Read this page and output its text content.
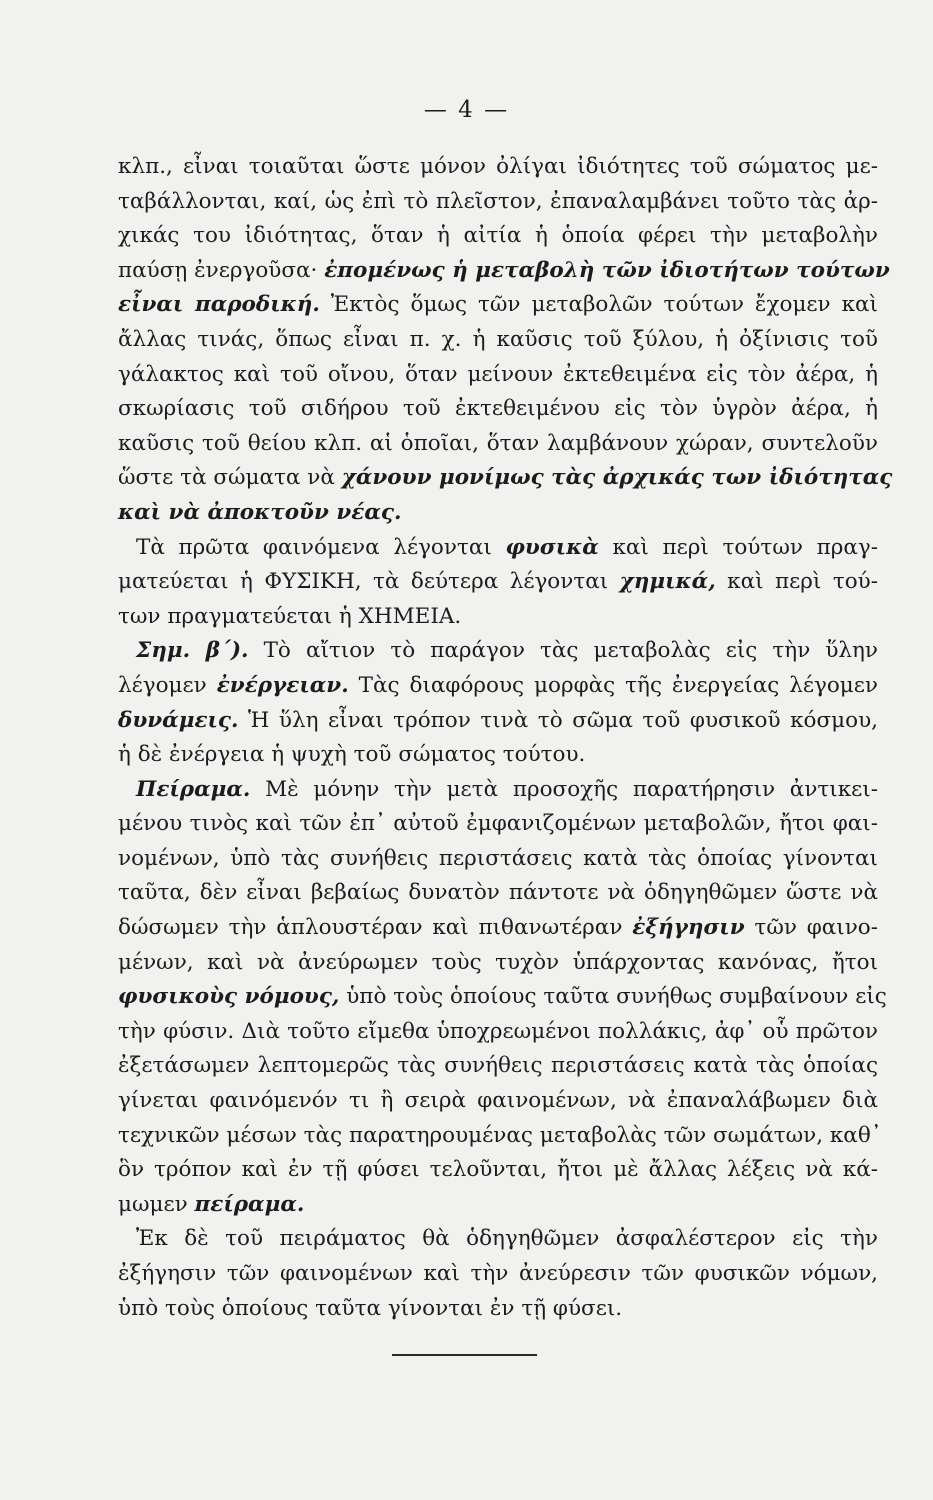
— 4 —
κλπ., εἶναι τοιαῦται ὥστε μόνον ὀλίγαι ἰδιότητες τοῦ σώματος με-
ταβάλλονται, καί, ὡς ἐπὶ τὸ πλεῖστον, ἐπαναλαμβάνει τοῦτο τὰς ἀρ-
χικάς του ἰδιότητας, ὅταν ἡ αἰτία ἡ ὁποία φέρει τὴν μεταβολὴν
παύσῃ ἐνεργοῦσα· ἐπομένως ἡ μεταβολὴ τῶν ἰδιοτήτων τούτων
εἶναι παροδική. Ἐκτὸς ὅμως τῶν μεταβολῶν τούτων ἔχομεν καὶ
ἄλλας τινάς, ὅπως εἶναι π. χ. ἡ καῦσις τοῦ ξύλου, ἡ ὀξίνισις τοῦ
γάλακτος καὶ τοῦ οἴνου, ὅταν μείνουν ἐκτεθειμένα εἰς τὸν ἀέρα, ἡ
σκωρίασις τοῦ σιδήρου τοῦ ἐκτεθειμένου εἰς τὸν ὑγρὸν ἀέρα, ἡ
καῦσις τοῦ θείου κλπ. αἱ ὁποῖαι, ὅταν λαμβάνουν χώραν, συντελοῦν
ὥστε τὰ σώματα νὰ χάνουν μονίμως τὰς ἀρχικάς των ἰδιότητας
καὶ νὰ ἀποκτοῦν νέας.
Τὰ πρῶτα φαινόμενα λέγονται φυσικὰ καὶ περὶ τούτων πραγ-
ματεύεται ἡ ΦΥΣΙΚΗ, τὰ δεύτερα λέγονται χημικά, καὶ περὶ τού-
των πραγματεύεται ἡ ΧΗΜΕΙΑ.
Σημ. β΄). Τὸ αἴτιον τὸ παράγον τὰς μεταβολὰς εἰς τὴν ὕλην
λέγομεν ἐνέργειαν. Τὰς διαφόρους μορφὰς τῆς ἐνεργείας λέγομεν
δυνάμεις. Ἡ ὕλη εἶναι τρόπον τινὰ τὸ σῶμα τοῦ φυσικοῦ κόσμου,
ἡ δὲ ἐνέργεια ἡ ψυχὴ τοῦ σώματος τούτου.
Πείραμα. Μὲ μόνην τὴν μετὰ προσοχῆς παρατήρησιν ἀντικει-
μένου τινὸς καὶ τῶν ἐπ᾽ αὐτοῦ ἐμφανιζομένων μεταβολῶν, ἤτοι φαι-
νομένων, ὑπὸ τὰς συνήθεις περιστάσεις κατὰ τὰς ὁποίας γίνονται
ταῦτα, δὲν εἶναι βεβαίως δυνατὸν πάντοτε νὰ ὁδηγηθῶμεν ὥστε νὰ
δώσωμεν τὴν ἁπλουστέραν καὶ πιθανωτέραν ἐξήγησιν τῶν φαινο-
μένων, καὶ νὰ ἀνεύρωμεν τοὺς τυχὸν ὑπάρχοντας κανόνας, ἤτοι
φυσικοὺς νόμους, ὑπὸ τοὺς ὁποίους ταῦτα συνήθως συμβαίνουν εἰς
τὴν φύσιν. Διὰ τοῦτο εἴμεθα ὑποχρεωμένοι πολλάκις, ἀφ᾽ οὗ πρῶτον
ἐξετάσωμεν λεπτομερῶς τὰς συνήθεις περιστάσεις κατὰ τὰς ὁποίας
γίνεται φαινόμενόν τι ἢ σειρὰ φαινομένων, νὰ ἐπαναλάβωμεν διὰ
τεχνικῶν μέσων τὰς παρατηρουμένας μεταβολὰς τῶν σωμάτων, καθ᾽
ὃν τρόπον καὶ ἐν τῇ φύσει τελοῦνται, ἤτοι μὲ ἄλλας λέξεις νὰ κά-
μωμεν πείραμα.
Ἐκ δὲ τοῦ πειράματος θὰ ὁδηγηθῶμεν ἀσφαλέστερον εἰς τὴν
ἐξήγησιν τῶν φαινομένων καὶ τὴν ἀνεύρεσιν τῶν φυσικῶν νόμων,
ὑπὸ τοὺς ὁποίους ταῦτα γίνονται ἐν τῇ φύσει.
